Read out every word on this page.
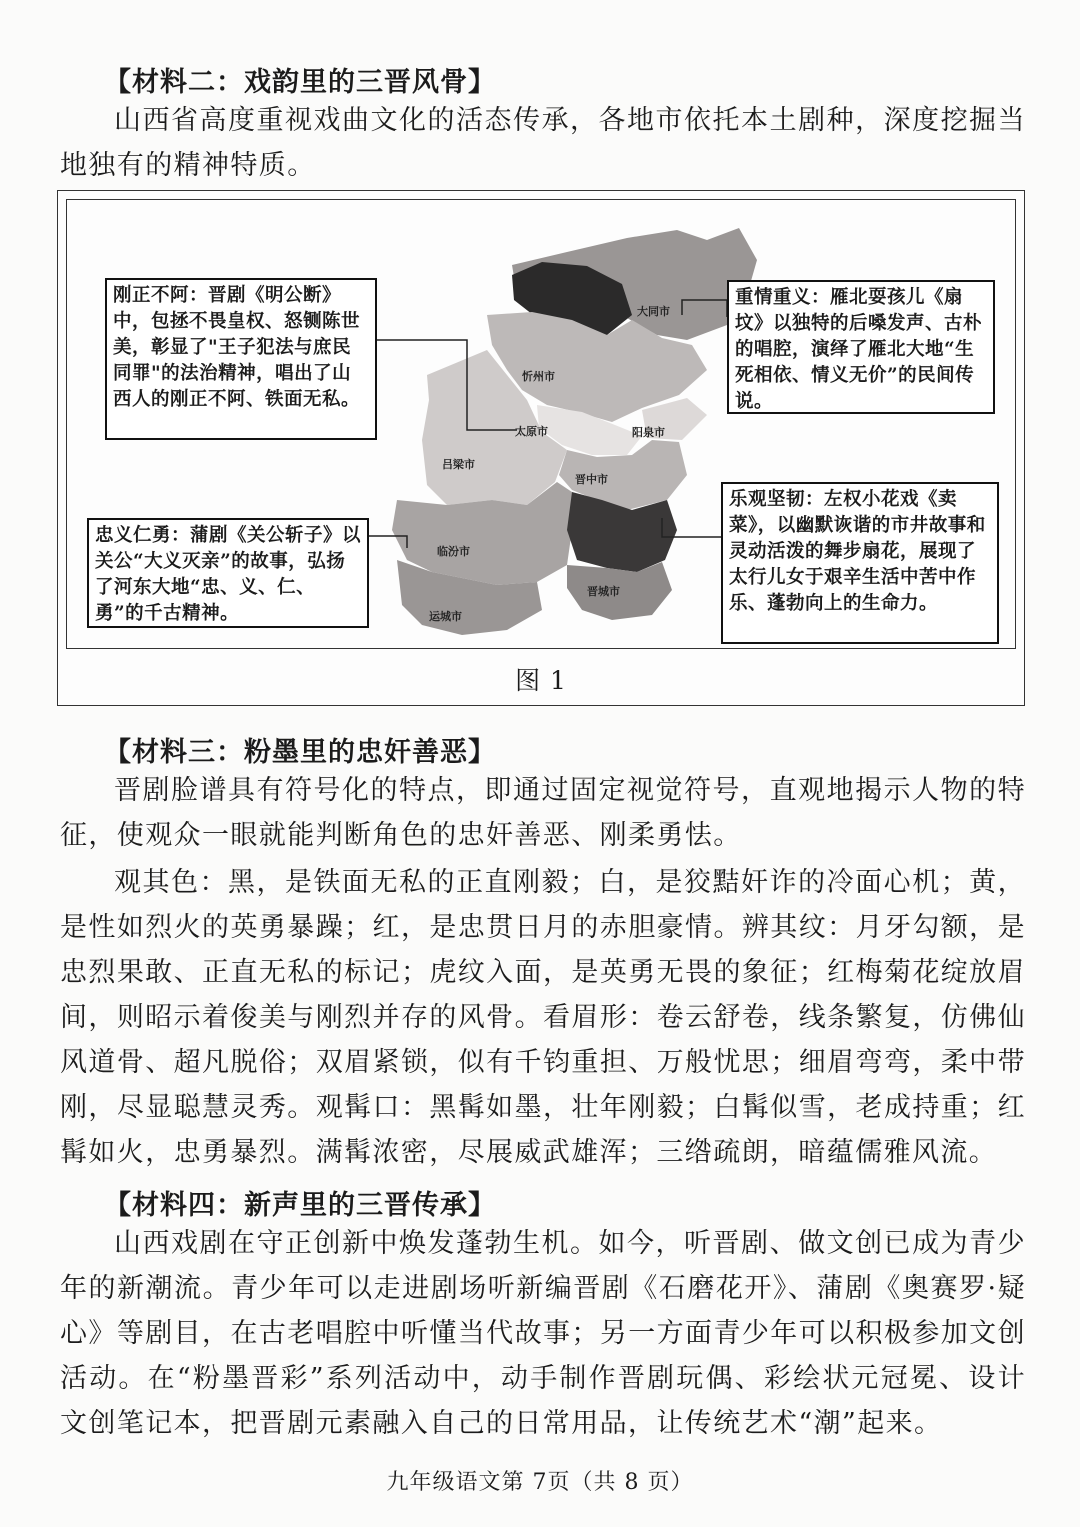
【材料二：戏韵里的三晋风骨】

山西省高度重视戏曲文化的活态传承，各地市依托本土剧种，深度挖掘当地独有的精神特质。

大同市
忻州市
太原市	阳泉市
吕梁市
晋中市
临汾市
运城市
晋城市
刚正不阿：晋剧《明公断》中，包拯不畏皇权、怒铡陈世美，彰显了"王子犯法与庶民同罪"的法治精神，唱出了山西人的刚正不阿、铁面无私。
重情重义：雁北耍孩儿《扇坟》以独特的后嗓发声、古朴的唱腔，演绎了雁北大地“生死相依、情义无价”的民间传说。
忠义仁勇：蒲剧《关公斩子》以关公“大义灭亲”的故事，弘扬了河东大地“忠、义、仁、勇”的千古精神。
乐观坚韧：左权小花戏《卖菜》，以幽默诙谐的市井故事和灵动活泼的舞步扇花，展现了太行儿女于艰辛生活中苦中作乐、蓬勃向上的生命力。
图 1
【材料三：粉墨里的忠奸善恶】

晋剧脸谱具有符号化的特点，即通过固定视觉符号，直观地揭示人物的特征，使观众一眼就能判断角色的忠奸善恶、刚柔勇怯。

观其色：黑，是铁面无私的正直刚毅；白，是狡黠奸诈的冷面心机；黄，是性如烈火的英勇暴躁；红，是忠贯日月的赤胆豪情。辨其纹：月牙勾额，是忠烈果敢、正直无私的标记；虎纹入面，是英勇无畏的象征；红梅菊花绽放眉间，则昭示着俊美与刚烈并存的风骨。看眉形：卷云舒卷，线条繁复，仿佛仙风道骨、超凡脱俗；双眉紧锁，似有千钧重担、万般忧思；细眉弯弯，柔中带刚，尽显聪慧灵秀。观髯口：黑髯如墨，壮年刚毅；白髯似雪，老成持重；红髯如火，忠勇暴烈。满髯浓密，尽展威武雄浑；三绺疏朗，暗蕴儒雅风流。

【材料四：新声里的三晋传承】

山西戏剧在守正创新中焕发蓬勃生机。如今，听晋剧、做文创已成为青少年的新潮流。青少年可以走进剧场听新编晋剧《石磨花开》、蒲剧《奥赛罗·疑心》等剧目，在古老唱腔中听懂当代故事；另一方面青少年可以积极参加文创活动。在“粉墨晋彩”系列活动中，动手制作晋剧玩偶、彩绘状元冠冕、设计文创笔记本，把晋剧元素融入自己的日常用品，让传统艺术“潮”起来。

九年级语文第 7页（共 8 页）
